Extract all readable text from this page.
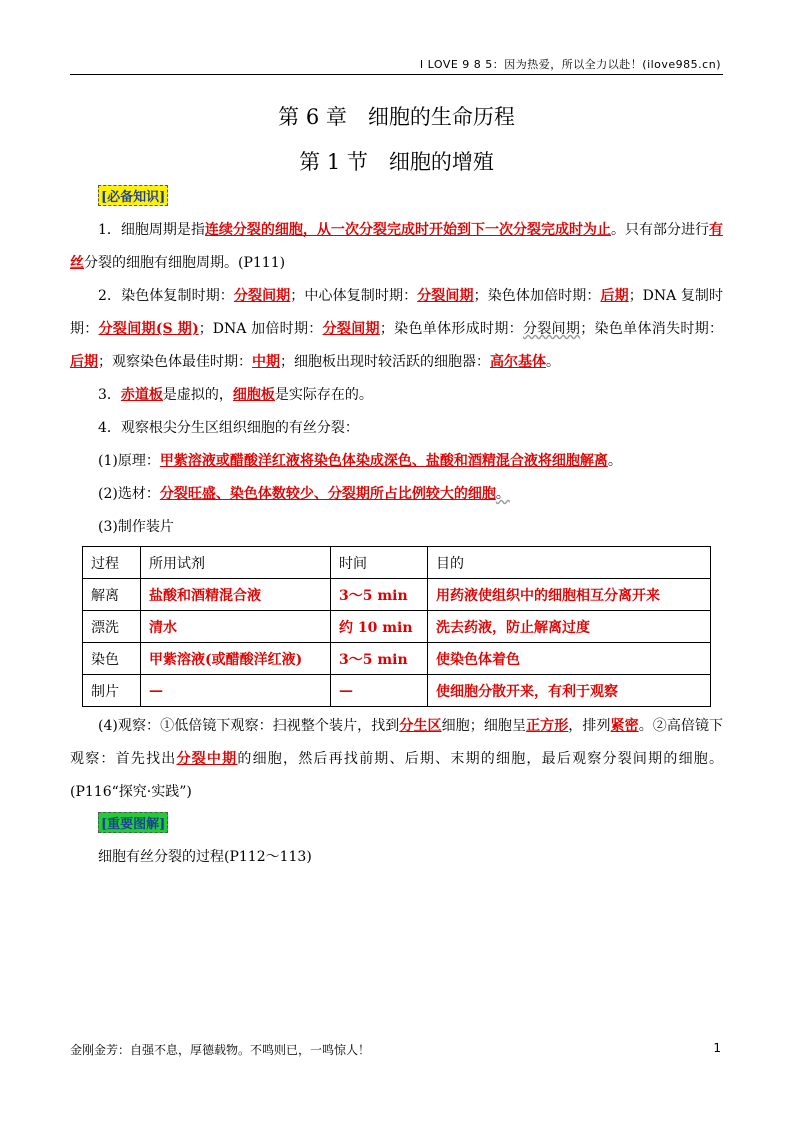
I LOVE 9 8 5：因为热爱，所以全力以赴！(ilove985.cn)
第 6 章　细胞的生命历程
第 1 节　细胞的增殖
[必备知识]

1．细胞周期是指连续分裂的细胞，从一次分裂完成时开始到下一次分裂完成时为止。只有部分进行有丝分裂的细胞有细胞周期。(P111)

2．染色体复制时期：分裂间期；中心体复制时期：分裂间期；染色体加倍时期：后期；DNA 复制时期：分裂间期(S 期)；DNA 加倍时期：分裂间期；染色单体形成时期：分裂间期；染色单体消失时期：后期；观察染色体最佳时期：中期；细胞板出现时较活跃的细胞器：高尔基体。

3．赤道板是虚拟的，细胞板是实际存在的。

4．观察根尖分生区组织细胞的有丝分裂：

(1)原理：甲紫溶液或醋酸洋红液将染色体染成深色、盐酸和酒精混合液将细胞解离。

(2)选材：分裂旺盛、染色体数较少、分裂期所占比例较大的细胞。

(3)制作装片

过程	所用试剂	时间	目的
解离	盐酸和酒精混合液	3～5 min	用药液使组织中的细胞相互分离开来
漂洗	清水	约 10 min	洗去药液，防止解离过度
染色	甲紫溶液(或醋酸洋红液)	3～5 min	使染色体着色
制片	—	—	使细胞分散开来，有利于观察

(4)观察：①低倍镜下观察：扫视整个装片，找到分生区细胞；细胞呈正方形，排列紧密。②高倍镜下观察：首先找出分裂中期的细胞，然后再找前期、后期、末期的细胞，最后观察分裂间期的细胞。(P116“探究·实践”)

[重要图解]

细胞有丝分裂的过程(P112～113)

金刚金芳：自强不息，厚德载物。不鸣则已，一鸣惊人！	1
